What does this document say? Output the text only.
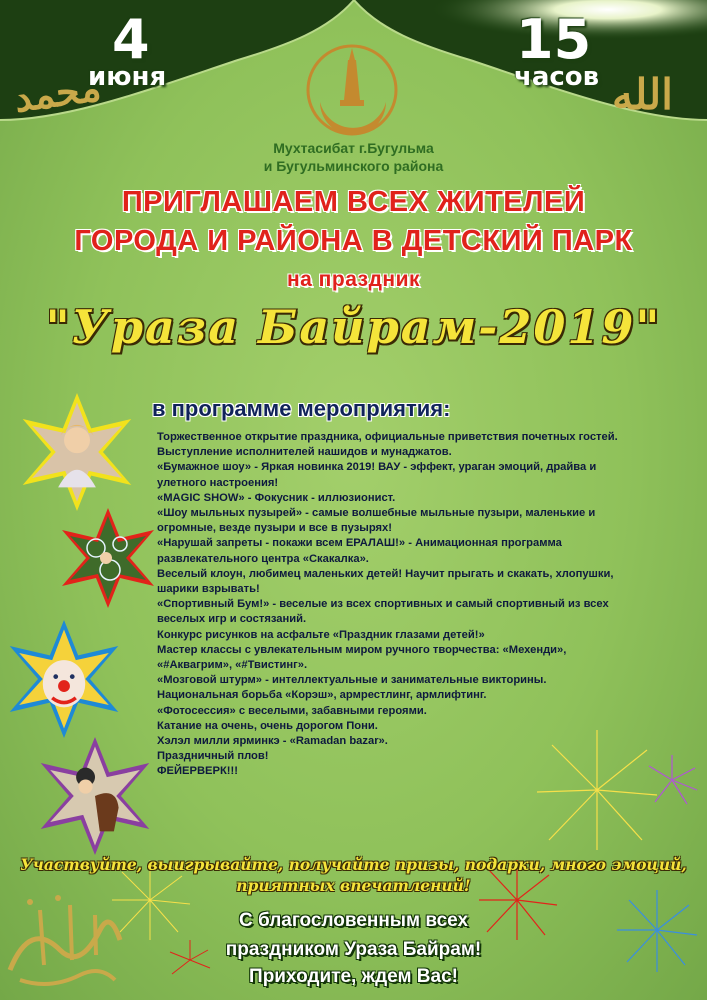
4
июня
15
часов
محمد	الله
Мухтасибат г.Бугульма
и Бугульминского района
ПРИГЛАШАЕМ ВСЕХ ЖИТЕЛЕЙ
ГОРОДА И РАЙОНА В ДЕТСКИЙ ПАРК
на праздник
"Ураза Байрам-2019"
в программе мероприятия:
Торжественное открытие праздника, официальные приветствия почетных гостей.
Выступление исполнителей нашидов и мунаджатов.
«Бумажное шоу» - Яркая новинка 2019! ВАУ - эффект, ураган эмоций, драйва и
улетного настроения!
«MAGIC SHOW» - Фокусник - иллюзионист.
«Шоу мыльных пузырей» - самые волшебные мыльные пузыри, маленькие и
огромные, везде пузыри и все в пузырях!
«Нарушай запреты - покажи всем ЕРАЛАШ!» - Анимационная программа
развлекательного центра «Скакалка».
Веселый клоун, любимец маленьких детей! Научит прыгать и скакать, хлопушки,
шарики взрывать!
«Спортивный Бум!» - веселые из всех спортивных и самый спортивный из всех
веселых игр и состязаний.
Конкурс рисунков на асфальте «Праздник глазами детей!»
Мастер классы с увлекательным миром ручного творчества: «Мехенди»,
«#Аквагрим», «#Твистинг».
«Мозговой штурм» - интеллектуальные и занимательные викторины.
Национальная борьба «Корэш», армрестлинг, армлифтинг.
«Фотосессия» с веселыми, забавными героями.
Катание на очень, очень дорогом Пони.
Хэлэл милли ярминкэ - «Ramadan bazar».
Праздничный плов!
ФЕЙЕРВЕРК!!!
Участвуйте, выигрывайте, получайте призы, подарки, много эмоций,
приятных впечатлений!
С благословенным всех
праздником Ураза Байрам!
Приходите, ждем Вас!
